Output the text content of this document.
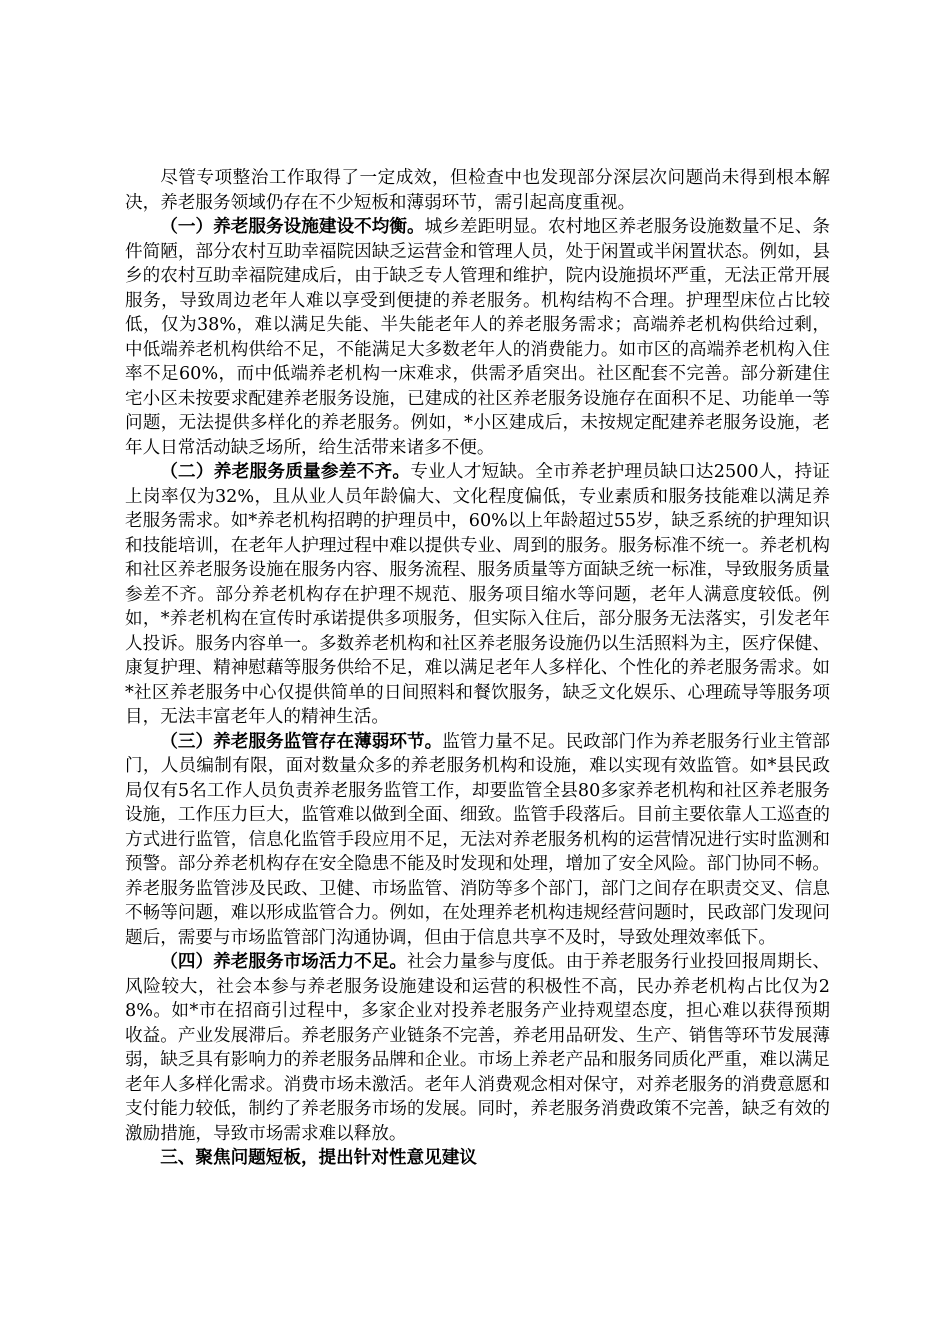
尽管专项整治工作取得了一定成效，但检查中也发现部分深层次问题尚未得到根本解决，养老服务领域仍存在不少短板和薄弱环节，需引起高度重视。

（一）养老服务设施建设不均衡。城乡差距明显。农村地区养老服务设施数量不足、条件简陋，部分农村互助幸福院因缺乏运营金和管理人员，处于闲置或半闲置状态。例如，县乡的农村互助幸福院建成后，由于缺乏专人管理和维护，院内设施损坏严重，无法正常开展服务，导致周边老年人难以享受到便捷的养老服务。机构结构不合理。护理型床位占比较低，仅为38%，难以满足失能、半失能老年人的养老服务需求；高端养老机构供给过剩，中低端养老机构供给不足，不能满足大多数老年人的消费能力。如市区的高端养老机构入住率不足60%，而中低端养老机构一床难求，供需矛盾突出。社区配套不完善。部分新建住宅小区未按要求配建养老服务设施，已建成的社区养老服务设施存在面积不足、功能单一等问题，无法提供多样化的养老服务。例如，*小区建成后，未按规定配建养老服务设施，老年人日常活动缺乏场所，给生活带来诸多不便。

（二）养老服务质量参差不齐。专业人才短缺。全市养老护理员缺口达2500人，持证上岗率仅为32%，且从业人员年龄偏大、文化程度偏低，专业素质和服务技能难以满足养老服务需求。如*养老机构招聘的护理员中，60%以上年龄超过55岁，缺乏系统的护理知识和技能培训，在老年人护理过程中难以提供专业、周到的服务。服务标准不统一。养老机构和社区养老服务设施在服务内容、服务流程、服务质量等方面缺乏统一标准，导致服务质量参差不齐。部分养老机构存在护理不规范、服务项目缩水等问题，老年人满意度较低。例如，*养老机构在宣传时承诺提供多项服务，但实际入住后，部分服务无法落实，引发老年人投诉。服务内容单一。多数养老机构和社区养老服务设施仍以生活照料为主，医疗保健、康复护理、精神慰藉等服务供给不足，难以满足老年人多样化、个性化的养老服务需求。如*社区养老服务中心仅提供简单的日间照料和餐饮服务，缺乏文化娱乐、心理疏导等服务项目，无法丰富老年人的精神生活。

（三）养老服务监管存在薄弱环节。监管力量不足。民政部门作为养老服务行业主管部门，人员编制有限，面对数量众多的养老服务机构和设施，难以实现有效监管。如*县民政局仅有5名工作人员负责养老服务监管工作，却要监管全县80多家养老机构和社区养老服务设施，工作压力巨大，监管难以做到全面、细致。监管手段落后。目前主要依靠人工巡查的方式进行监管，信息化监管手段应用不足，无法对养老服务机构的运营情况进行实时监测和预警。部分养老机构存在安全隐患不能及时发现和处理，增加了安全风险。部门协同不畅。养老服务监管涉及民政、卫健、市场监管、消防等多个部门，部门之间存在职责交叉、信息不畅等问题，难以形成监管合力。例如，在处理养老机构违规经营问题时，民政部门发现问题后，需要与市场监管部门沟通协调，但由于信息共享不及时，导致处理效率低下。

（四）养老服务市场活力不足。社会力量参与度低。由于养老服务行业投回报周期长、风险较大，社会本参与养老服务设施建设和运营的积极性不高，民办养老机构占比仅为28%。如*市在招商引过程中，多家企业对投养老服务产业持观望态度，担心难以获得预期收益。产业发展滞后。养老服务产业链条不完善，养老用品研发、生产、销售等环节发展薄弱，缺乏具有影响力的养老服务品牌和企业。市场上养老产品和服务同质化严重，难以满足老年人多样化需求。消费市场未激活。老年人消费观念相对保守，对养老服务的消费意愿和支付能力较低，制约了养老服务市场的发展。同时，养老服务消费政策不完善，缺乏有效的激励措施，导致市场需求难以释放。

三、聚焦问题短板，提出针对性意见建议
